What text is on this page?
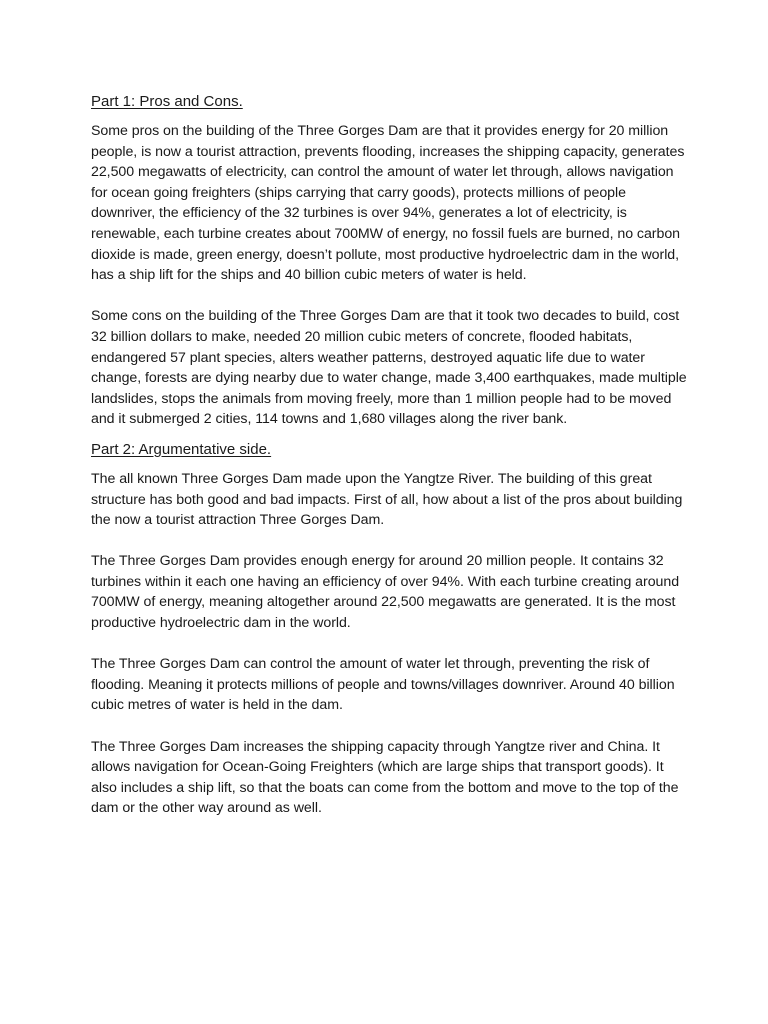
Part 1: Pros and Cons.

Some pros on the building of the Three Gorges Dam are that it provides energy for 20 million people, is now a tourist attraction, prevents flooding, increases the shipping capacity, generates 22,500 megawatts of electricity, can control the amount of water let through, allows navigation for ocean going freighters (ships carrying that carry goods), protects millions of people downriver, the efficiency of the 32 turbines is over 94%, generates a lot of electricity, is renewable, each turbine creates about 700MW of energy, no fossil fuels are burned, no carbon dioxide is made, green energy, doesn’t pollute, most productive hydroelectric dam in the world, has a ship lift for the ships and 40 billion cubic meters of water is held.

Some cons on the building of the Three Gorges Dam are that it took two decades to build, cost 32 billion dollars to make, needed 20 million cubic meters of concrete, flooded habitats, endangered 57 plant species, alters weather patterns, destroyed aquatic life due to water change, forests are dying nearby due to water change, made 3,400 earthquakes, made multiple landslides, stops the animals from moving freely, more than 1 million people had to be moved and it submerged 2 cities, 114 towns and 1,680 villages along the river bank.

Part 2: Argumentative side.

The all known Three Gorges Dam made upon the Yangtze River. The building of this great structure has both good and bad impacts. First of all, how about a list of the pros about building the now a tourist attraction Three Gorges Dam.

The Three Gorges Dam provides enough energy for around 20 million people. It contains 32 turbines within it each one having an efficiency of over 94%. With each turbine creating around 700MW of energy, meaning altogether around 22,500 megawatts are generated. It is the most productive hydroelectric dam in the world.

The Three Gorges Dam can control the amount of water let through, preventing the risk of flooding. Meaning it protects millions of people and towns/villages downriver. Around 40 billion cubic metres of water is held in the dam.

The Three Gorges Dam increases the shipping capacity through Yangtze river and China. It allows navigation for Ocean-Going Freighters (which are large ships that transport goods). It also includes a ship lift, so that the boats can come from the bottom and move to the top of the dam or the other way around as well.
